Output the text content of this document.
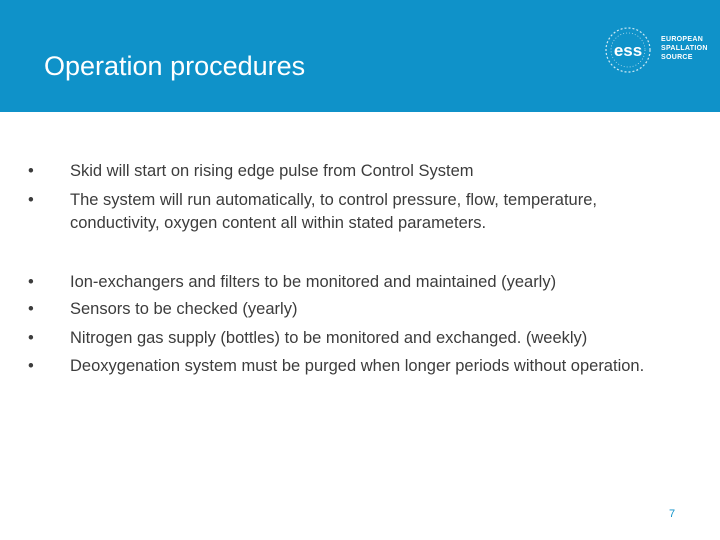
Operation procedures
ess
EUROPEAN
SPALLATION
SOURCE
•	Skid will start on rising edge pulse from Control System
•	The system will run automatically, to control pressure, flow, temperature, conductivity, oxygen content all within stated parameters.
•	Ion-exchangers and filters to be monitored and maintained (yearly)
•	Sensors to be checked (yearly)
•	Nitrogen gas supply (bottles) to be monitored and exchanged. (weekly)
•	Deoxygenation system must be purged when longer periods without operation.
7
